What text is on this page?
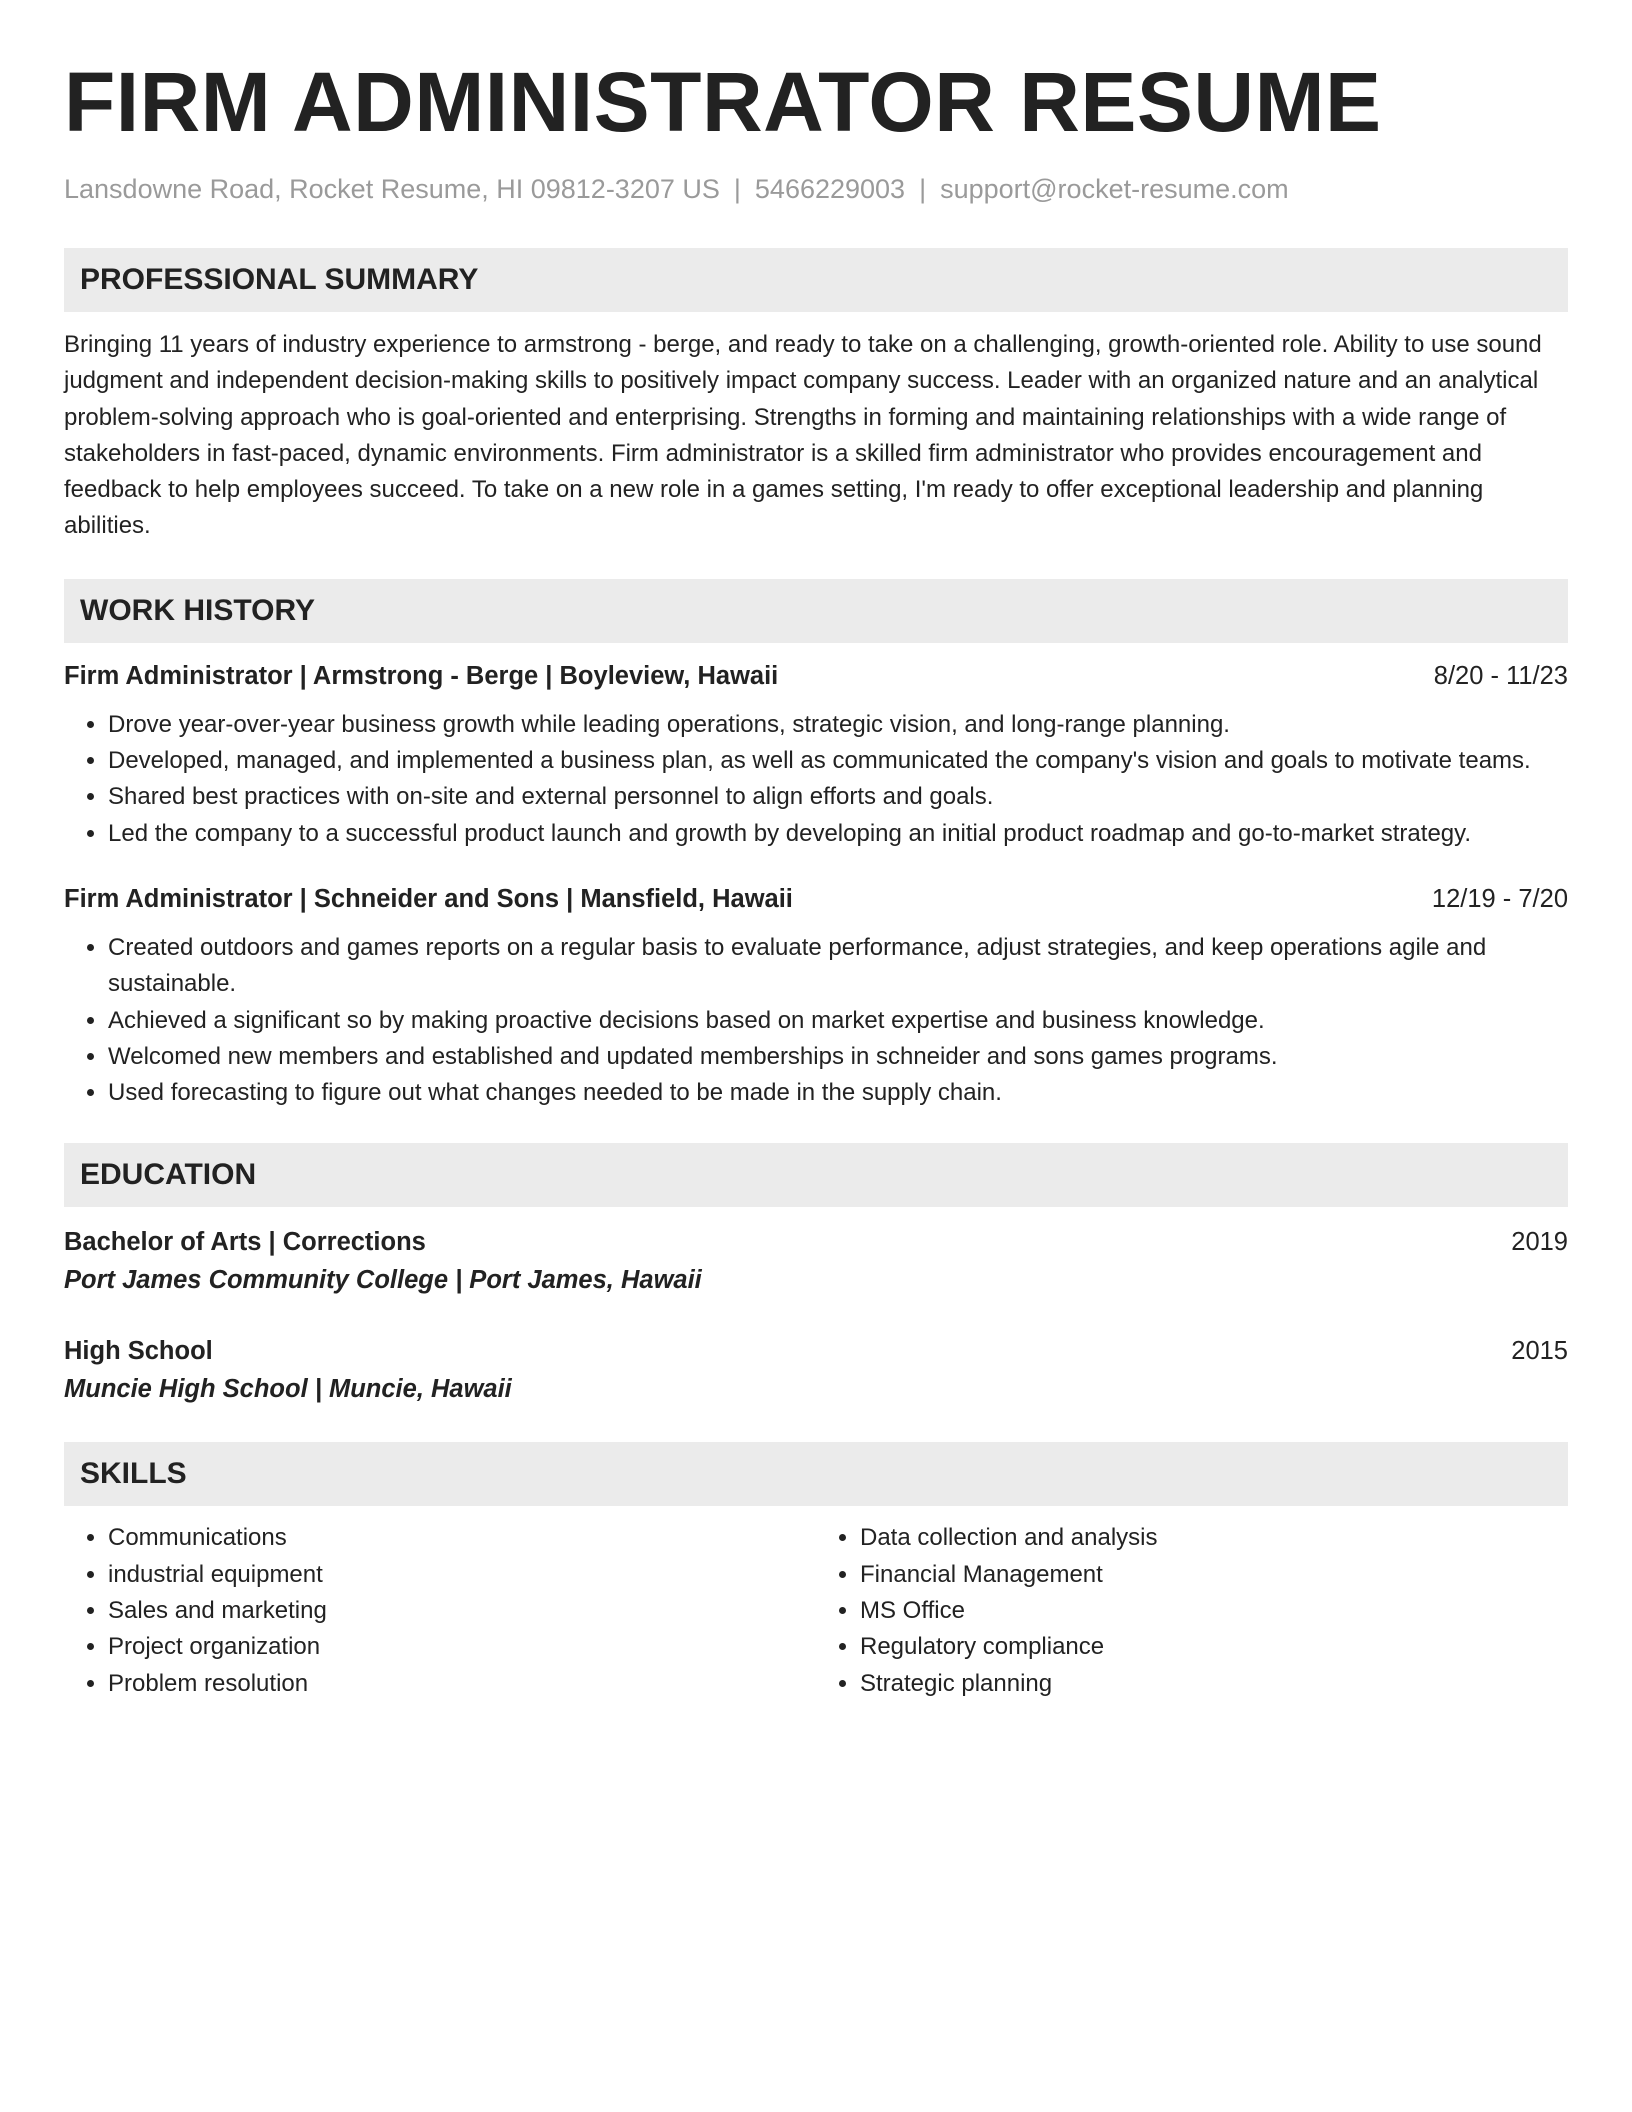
FIRM ADMINISTRATOR RESUME
Lansdowne Road, Rocket Resume, HI 09812-3207 US | 5466229003 | support@rocket-resume.com
PROFESSIONAL SUMMARY
Bringing 11 years of industry experience to armstrong - berge, and ready to take on a challenging, growth-oriented role. Ability to use sound judgment and independent decision-making skills to positively impact company success. Leader with an organized nature and an analytical problem-solving approach who is goal-oriented and enterprising. Strengths in forming and maintaining relationships with a wide range of stakeholders in fast-paced, dynamic environments. Firm administrator is a skilled firm administrator who provides encouragement and feedback to help employees succeed. To take on a new role in a games setting, I'm ready to offer exceptional leadership and planning abilities.
WORK HISTORY
Firm Administrator | Armstrong - Berge | Boyleview, Hawaii	8/20 - 11/23
• Drove year-over-year business growth while leading operations, strategic vision, and long-range planning.
• Developed, managed, and implemented a business plan, as well as communicated the company's vision and goals to motivate teams.
• Shared best practices with on-site and external personnel to align efforts and goals.
• Led the company to a successful product launch and growth by developing an initial product roadmap and go-to-market strategy.
Firm Administrator | Schneider and Sons | Mansfield, Hawaii	12/19 - 7/20
• Created outdoors and games reports on a regular basis to evaluate performance, adjust strategies, and keep operations agile and sustainable.
• Achieved a significant so by making proactive decisions based on market expertise and business knowledge.
• Welcomed new members and established and updated memberships in schneider and sons games programs.
• Used forecasting to figure out what changes needed to be made in the supply chain.
EDUCATION
Bachelor of Arts | Corrections	2019
Port James Community College | Port James, Hawaii
High School	2015
Muncie High School | Muncie, Hawaii
SKILLS
• Communications
• industrial equipment
• Sales and marketing
• Project organization
• Problem resolution
• Data collection and analysis
• Financial Management
• MS Office
• Regulatory compliance
• Strategic planning
